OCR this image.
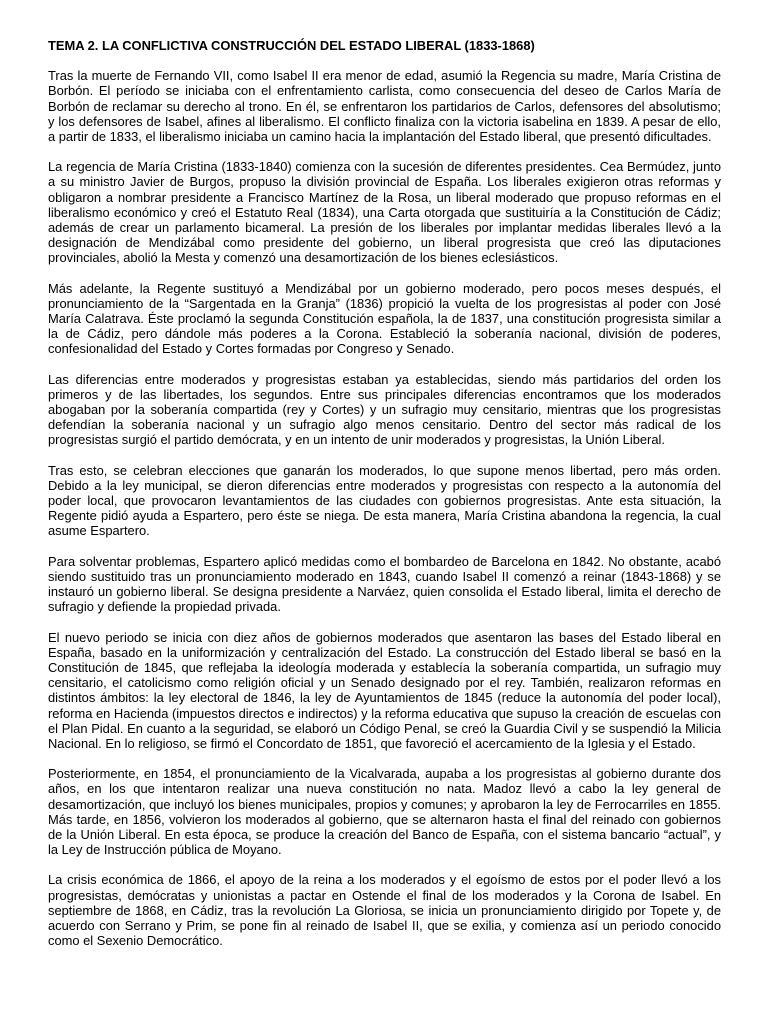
TEMA 2. LA CONFLICTIVA CONSTRUCCIÓN DEL ESTADO LIBERAL (1833-1868)

Tras la muerte de Fernando VII, como Isabel II era menor de edad, asumió la Regencia su madre, María Cristina de Borbón. El período se iniciaba con el enfrentamiento carlista, como consecuencia del deseo de Carlos María de Borbón de reclamar su derecho al trono. En él, se enfrentaron los partidarios de Carlos, defensores del absolutismo; y los defensores de Isabel, afines al liberalismo. El conflicto finaliza con la victoria isabelina en 1839. A pesar de ello, a partir de 1833, el liberalismo iniciaba un camino hacia la implantación del Estado liberal, que presentó dificultades.

La regencia de María Cristina (1833-1840) comienza con la sucesión de diferentes presidentes. Cea Bermúdez, junto a su ministro Javier de Burgos, propuso la división provincial de España. Los liberales exigieron otras reformas y obligaron a nombrar presidente a Francisco Martínez de la Rosa, un liberal moderado que propuso reformas en el liberalismo económico y creó el Estatuto Real (1834), una Carta otorgada que sustituiría a la Constitución de Cádiz; además de crear un parlamento bicameral. La presión de los liberales por implantar medidas liberales llevó a la designación de Mendizábal como presidente del gobierno, un liberal progresista que creó las diputaciones provinciales, abolió la Mesta y comenzó una desamortización de los bienes eclesiásticos.

Más adelante, la Regente sustituyó a Mendizábal por un gobierno moderado, pero pocos meses después, el pronunciamiento de la “Sargentada en la Granja” (1836) propició la vuelta de los progresistas al poder con José María Calatrava. Éste proclamó la segunda Constitución española, la de 1837, una constitución progresista similar a la de Cádiz, pero dándole más poderes a la Corona. Estableció la soberanía nacional, división de poderes, confesionalidad del Estado y Cortes formadas por Congreso y Senado.

Las diferencias entre moderados y progresistas estaban ya establecidas, siendo más partidarios del orden los primeros y de las libertades, los segundos. Entre sus principales diferencias encontramos que los moderados abogaban por la soberanía compartida (rey y Cortes) y un sufragio muy censitario, mientras que los progresistas defendían la soberanía nacional y un sufragio algo menos censitario. Dentro del sector más radical de los progresistas surgió el partido demócrata, y en un intento de unir moderados y progresistas, la Unión Liberal.

Tras esto, se celebran elecciones que ganarán los moderados, lo que supone menos libertad, pero más orden. Debido a la ley municipal, se dieron diferencias entre moderados y progresistas con respecto a la autonomía del poder local, que provocaron levantamientos de las ciudades con gobiernos progresistas. Ante esta situación, la Regente pidió ayuda a Espartero, pero éste se niega. De esta manera, María Cristina abandona la regencia, la cual asume Espartero.

Para solventar problemas, Espartero aplicó medidas como el bombardeo de Barcelona en 1842. No obstante, acabó siendo sustituido tras un pronunciamiento moderado en 1843, cuando Isabel II comenzó a reinar (1843-1868) y se instauró un gobierno liberal. Se designa presidente a Narváez, quien consolida el Estado liberal, limita el derecho de sufragio y defiende la propiedad privada.

El nuevo periodo se inicia con diez años de gobiernos moderados que asentaron las bases del Estado liberal en España, basado en la uniformización y centralización del Estado. La construcción del Estado liberal se basó en la Constitución de 1845, que reflejaba la ideología moderada y establecía la soberanía compartida, un sufragio muy censitario, el catolicismo como religión oficial y un Senado designado por el rey. También, realizaron reformas en distintos ámbitos: la ley electoral de 1846, la ley de Ayuntamientos de 1845 (reduce la autonomía del poder local), reforma en Hacienda (impuestos directos e indirectos) y la reforma educativa que supuso la creación de escuelas con el Plan Pidal. En cuanto a la seguridad, se elaboró un Código Penal, se creó la Guardia Civil y se suspendió la Milicia Nacional. En lo religioso, se firmó el Concordato de 1851, que favoreció el acercamiento de la Iglesia y el Estado.

Posteriormente, en 1854, el pronunciamiento de la Vicalvarada, aupaba a los progresistas al gobierno durante dos años, en los que intentaron realizar una nueva constitución no nata. Madoz llevó a cabo la ley general de desamortización, que incluyó los bienes municipales, propios y comunes; y aprobaron la ley de Ferrocarriles en 1855. Más tarde, en 1856, volvieron los moderados al gobierno, que se alternaron hasta el final del reinado con gobiernos de la Unión Liberal. En esta época, se produce la creación del Banco de España, con el sistema bancario “actual”, y la Ley de Instrucción pública de Moyano.

La crisis económica de 1866, el apoyo de la reina a los moderados y el egoísmo de estos por el poder llevó a los progresistas, demócratas y unionistas a pactar en Ostende el final de los moderados y la Corona de Isabel. En septiembre de 1868, en Cádiz, tras la revolución La Gloriosa, se inicia un pronunciamiento dirigido por Topete y, de acuerdo con Serrano y Prim, se pone fin al reinado de Isabel II, que se exilia, y comienza así un periodo conocido como el Sexenio Democrático.
